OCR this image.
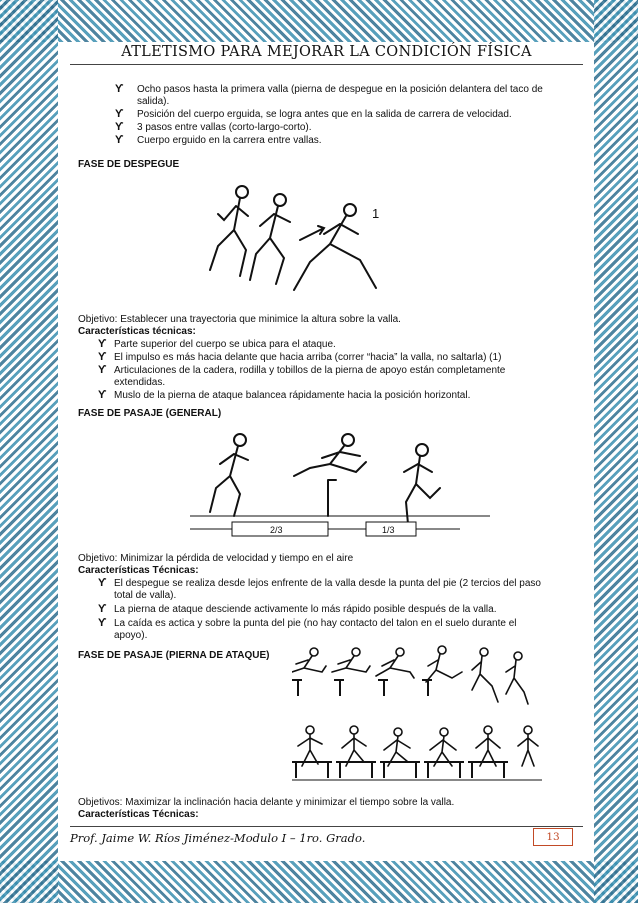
ATLETISMO PARA MEJORAR LA CONDICIÓN FÍSICA
ϒ Ocho pasos hasta la primera valla (pierna de despegue en la posición delantera del taco de
salida).
ϒ Posición del cuerpo erguida, se logra antes que en la salida de carrera de velocidad.
ϒ 3 pasos entre vallas (corto-largo-corto).
ϒ Cuerpo erguido en la carrera entre vallas.
FASE DE DESPEGUE
1
Objetivo: Establecer una trayectoria que minimice la altura sobre la valla.
Características técnicas:
ϒ Parte superior del cuerpo se ubica para el ataque.
ϒ El impulso es más hacia delante que hacia arriba (correr “hacia” la valla, no saltarla) (1)
ϒ Articulaciones de la cadera, rodilla y tobillos de la pierna de apoyo están completamente
extendidas.
ϒ Muslo de la pierna de ataque balancea rápidamente hacia la posición horizontal.
FASE DE PASAJE (GENERAL)
2/3	1/3
Objetivo: Minimizar la pérdida de velocidad y tiempo en el aire
Características Técnicas:
ϒ El despegue se realiza desde lejos enfrente de la valla desde la punta del pie (2 tercios del paso
total de valla).
ϒ La pierna de ataque desciende activamente lo más rápido posible después de la valla.
ϒ La caída es actica y sobre la punta del pie (no hay contacto del talon en el suelo durante el
apoyo).
FASE DE PASAJE (PIERNA DE ATAQUE)
Objetivos: Maximizar la inclinación hacia delante y minimizar el tiempo sobre la valla.
Características Técnicas:
Prof. Jaime W. Ríos Jiménez-Modulo I – 1ro. Grado.	13
